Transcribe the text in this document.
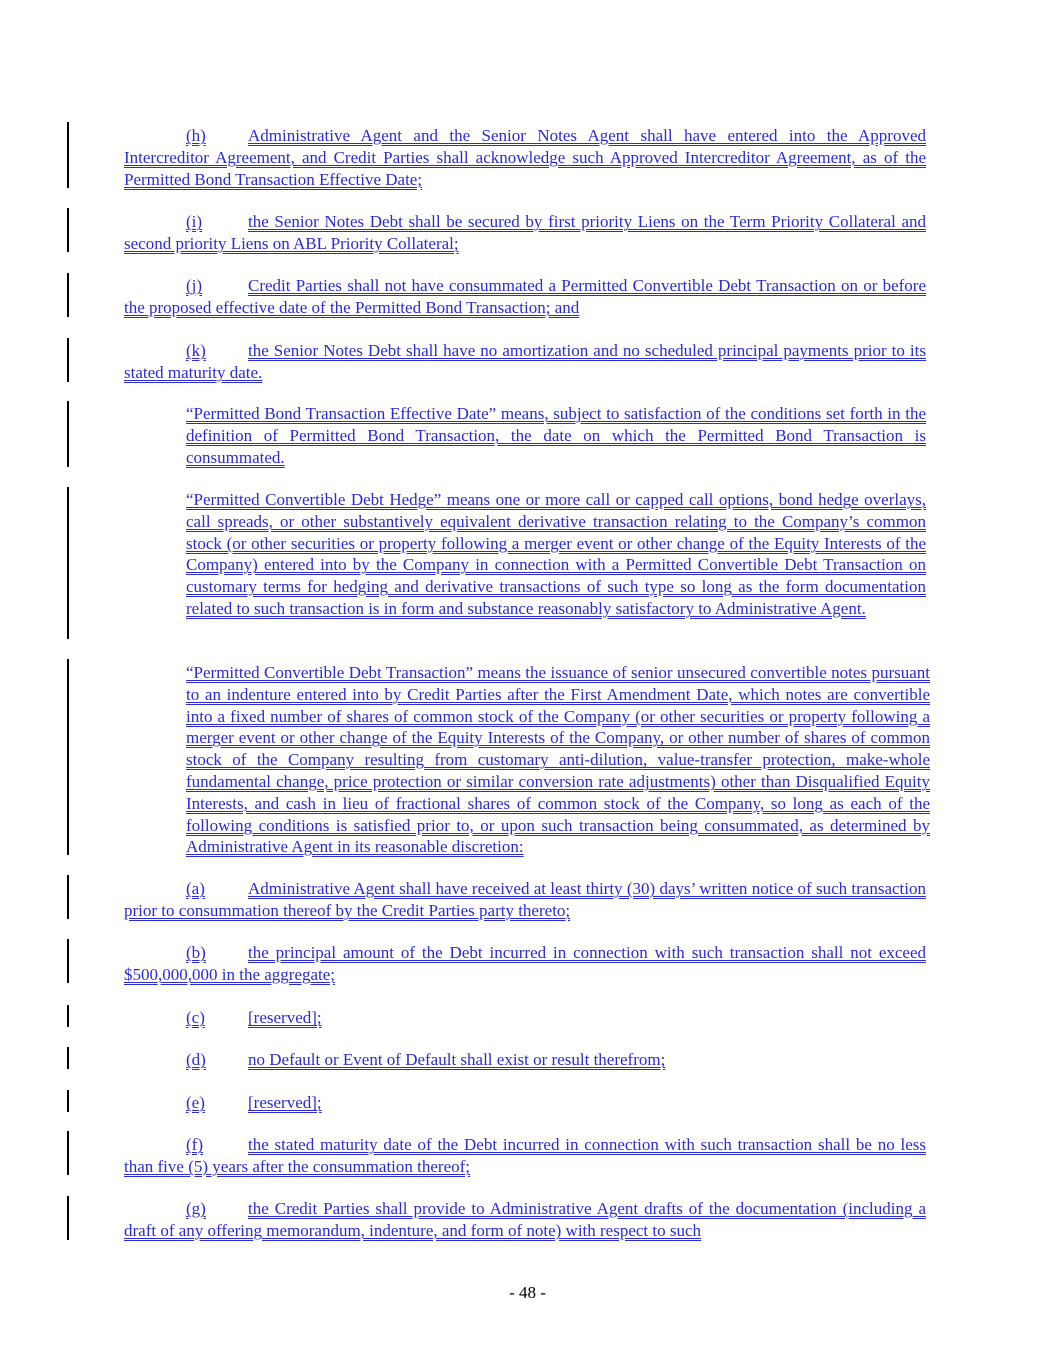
(h) Administrative Agent and the Senior Notes Agent shall have entered into the Approved Intercreditor Agreement, and Credit Parties shall acknowledge such Approved Intercreditor Agreement, as of the Permitted Bond Transaction Effective Date;
(i)	the Senior Notes Debt shall be secured by first priority Liens on the Term Priority Collateral and second priority Liens on ABL Priority Collateral;
(j)	Credit Parties shall not have consummated a Permitted Convertible Debt Transaction on or before the proposed effective date of the Permitted Bond Transaction; and
(k) the Senior Notes Debt shall have no amortization and no scheduled principal payments prior to its stated maturity date.
“Permitted Bond Transaction Effective Date” means, subject to satisfaction of the conditions set forth in the definition of Permitted Bond Transaction, the date on which the Permitted Bond Transaction is consummated.
“Permitted Convertible Debt Hedge” means one or more call or capped call options, bond hedge overlays, call spreads, or other substantively equivalent derivative transaction relating to the Company’s common stock (or other securities or property following a merger event or other change of the Equity Interests of the Company) entered into by the Company in connection with a Permitted Convertible Debt Transaction on customary terms for hedging and derivative transactions of such type so long as the form documentation related to such transaction is in form and substance reasonably satisfactory to Administrative Agent.
“Permitted Convertible Debt Transaction” means the issuance of senior unsecured convertible notes pursuant to an indenture entered into by Credit Parties after the First Amendment Date, which notes are convertible into a fixed number of shares of common stock of the Company (or other securities or property following a merger event or other change of the Equity Interests of the Company, or other number of shares of common stock of the Company resulting from customary anti-dilution, value-transfer protection, make-whole fundamental change, price protection or similar conversion rate adjustments) other than Disqualified Equity Interests, and cash in lieu of fractional shares of common stock of the Company, so long as each of the following conditions is satisfied prior to, or upon such transaction being consummated, as determined by Administrative Agent in its reasonable discretion:
(a)	Administrative Agent shall have received at least thirty (30) days’ written notice of such transaction prior to consummation thereof by the Credit Parties party thereto;
(b) the principal amount of the Debt incurred in connection with such transaction shall not exceed $500,000,000 in the aggregate;
(c)	[reserved];
(d) no Default or Event of Default shall exist or result therefrom;
(e)	[reserved];
(f)	the stated maturity date of the Debt incurred in connection with such transaction shall be no less than five (5) years after the consummation thereof;
(g) the Credit Parties shall provide to Administrative Agent drafts of the documentation (including a draft of any offering memorandum, indenture, and form of note) with respect to such
- 48 -
